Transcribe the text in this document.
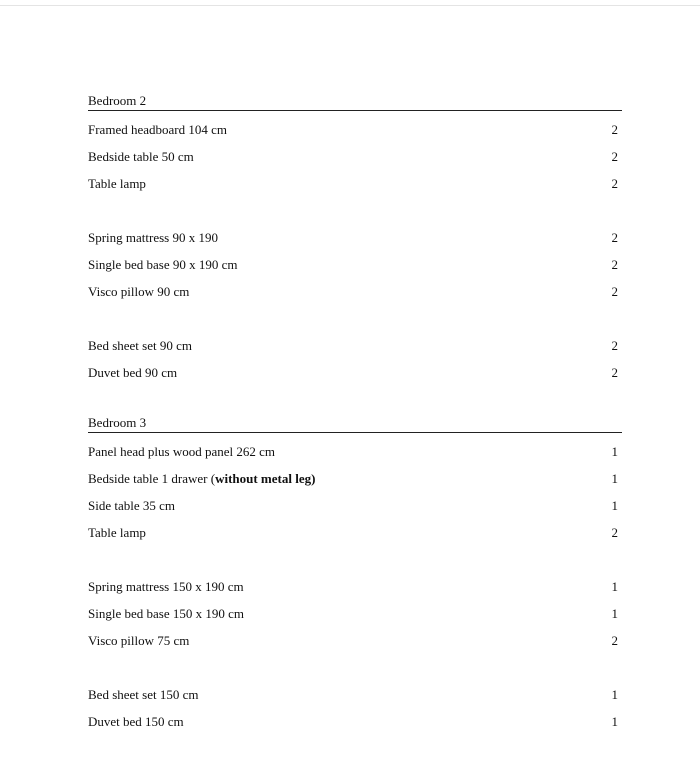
Bedroom 2
Framed headboard 104 cm	2
Bedside table 50 cm	2
Table lamp	2
Spring mattress 90 x 190	2
Single bed base 90 x 190 cm	2
Visco pillow 90 cm	2
Bed sheet set 90 cm	2
Duvet bed 90 cm	2
Bedroom 3
Panel head plus wood panel 262 cm	1
Bedside table 1 drawer (without metal leg)	1
Side table 35 cm	1
Table lamp	2
Spring mattress 150 x 190 cm	1
Single bed base 150 x 190 cm	1
Visco pillow 75 cm	2
Bed sheet set 150 cm	1
Duvet bed 150 cm	1
